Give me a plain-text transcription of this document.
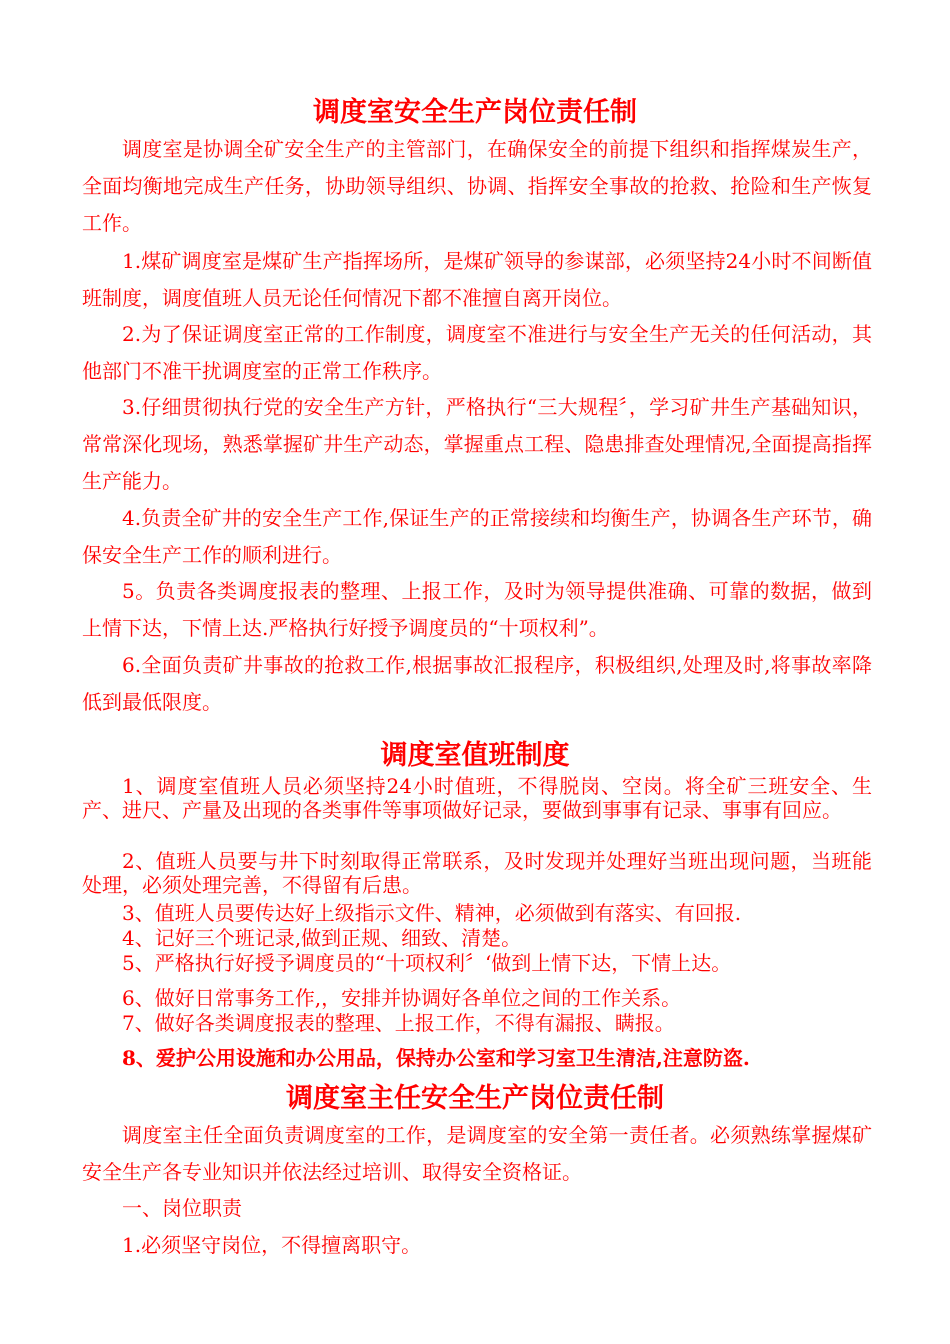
调度室安全生产岗位责任制

调度室是协调全矿安全生产的主管部门，在确保安全的前提下组织和指挥煤炭生产，全面均衡地完成生产任务，协助领导组织、协调、指挥安全事故的抢救、抢险和生产恢复工作。

1.煤矿调度室是煤矿生产指挥场所，是煤矿领导的参谋部，必须坚持24小时不间断值班制度，调度值班人员无论任何情况下都不准擅自离开岗位。

2.为了保证调度室正常的工作制度，调度室不准进行与安全生产无关的任何活动，其他部门不准干扰调度室的正常工作秩序。

3.仔细贯彻执行党的安全生产方针，严格执行“三大规程〞，学习矿井生产基础知识，常常深化现场，熟悉掌握矿井生产动态，掌握重点工程、隐患排查处理情况,全面提高指挥生产能力。

4.负责全矿井的安全生产工作,保证生产的正常接续和均衡生产，协调各生产环节，确保安全生产工作的顺利进行。

5。负责各类调度报表的整理、上报工作，及时为领导提供准确、可靠的数据，做到上情下达，下情上达.严格执行好授予调度员的“十项权利”。

6.全面负责矿井事故的抢救工作,根据事故汇报程序，积极组织,处理及时,将事故率降低到最低限度。

调度室值班制度

1、调度室值班人员必须坚持24小时值班，不得脱岗、空岗。将全矿三班安全、生产、进尺、产量及出现的各类事件等事项做好记录，要做到事事有记录、事事有回应。

2、值班人员要与井下时刻取得正常联系，及时发现并处理好当班出现问题，当班能处理，必须处理完善，不得留有后患。

3、值班人员要传达好上级指示文件、精神，必须做到有落实、有回报.

4、记好三个班记录,做到正规、细致、清楚。

5、严格执行好授予调度员的“十项权利〞‘做到上情下达，下情上达。

6、做好日常事务工作,，安排并协调好各单位之间的工作关系。

7、做好各类调度报表的整理、上报工作，不得有漏报、瞒报。

8、爱护公用设施和办公用品，保持办公室和学习室卫生清洁,注意防盗.

调度室主任安全生产岗位责任制

调度室主任全面负责调度室的工作，是调度室的安全第一责任者。必须熟练掌握煤矿安全生产各专业知识并依法经过培训、取得安全资格证。

一、岗位职责

1.必须坚守岗位，不得擅离职守。
